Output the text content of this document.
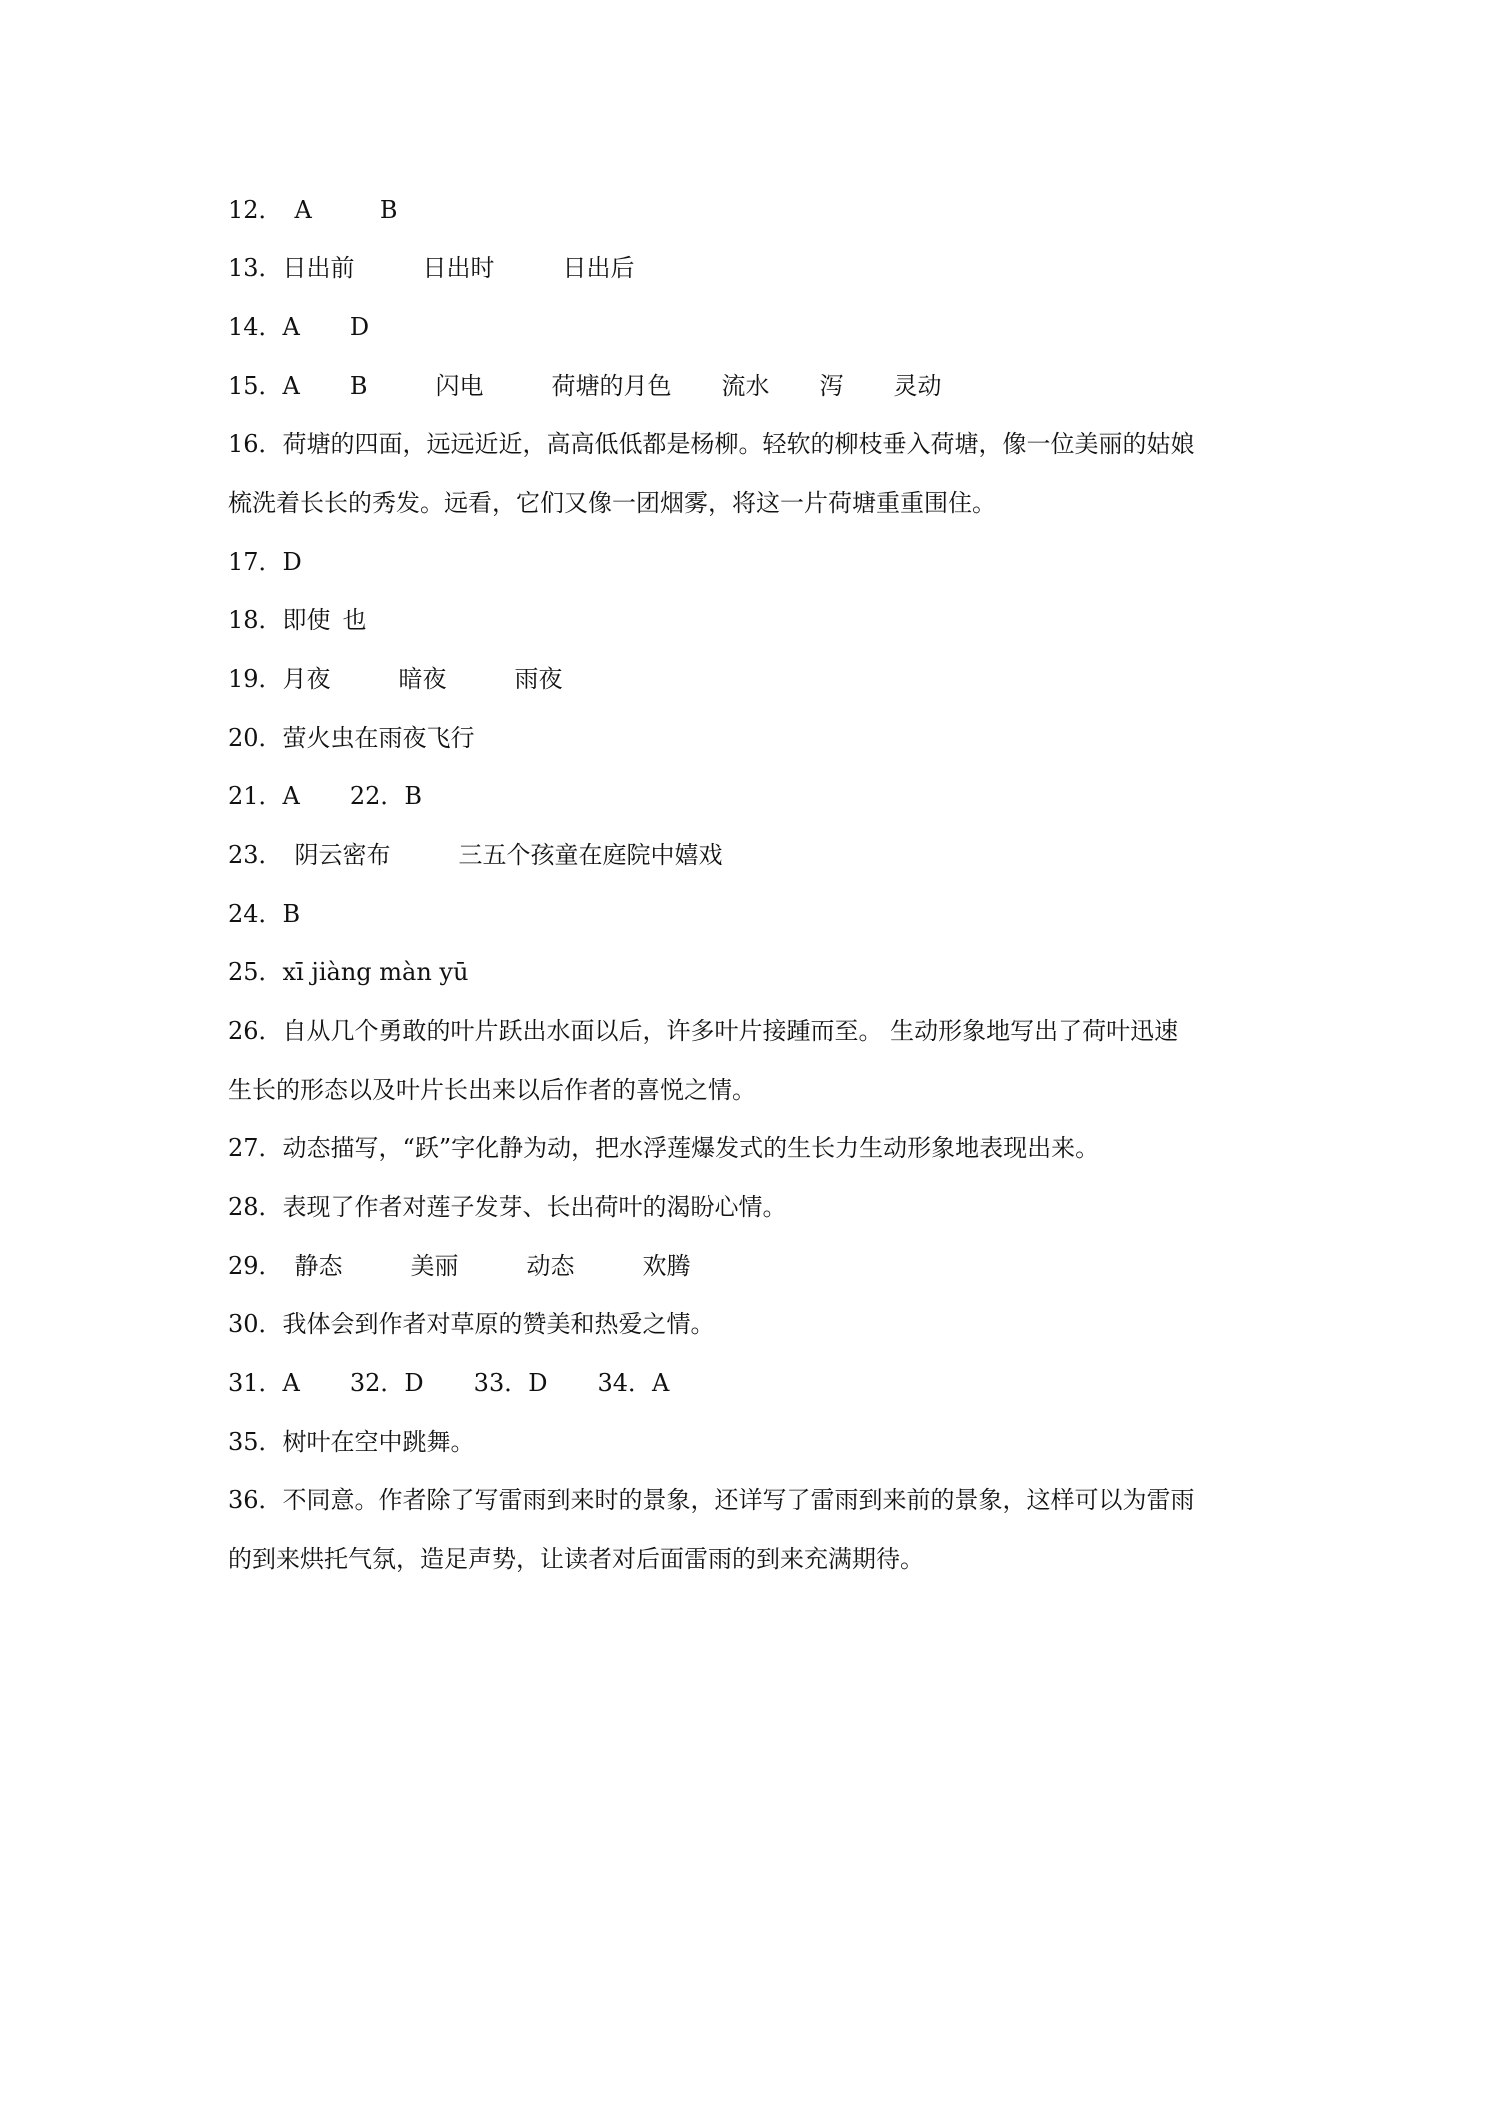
12． A	B
13．日出前	日出时	日出后
14．A D
15．A B	闪电	荷塘的月色 流水 泻 灵动
16．荷塘的四面，远远近近，高高低低都是杨柳。轻软的柳枝垂入荷塘，像一位美丽的姑娘
梳洗着长长的秀发。远看，它们又像一团烟雾，将这一片荷塘重重围住。
17．D
18．即使 也
19．月夜	暗夜	雨夜
20．萤火虫在雨夜飞行
21．A 22．B
23． 阴云密布	三五个孩童在庭院中嬉戏
24．B
25．xī jiàng màn yū
26．自从几个勇敢的叶片跃出水面以后，许多叶片接踵而至。 生动形象地写出了荷叶迅速
生长的形态以及叶片长出来以后作者的喜悦之情。
27．动态描写，“跃”字化静为动，把水浮莲爆发式的生长力生动形象地表现出来。
28．表现了作者对莲子发芽、长出荷叶的渴盼心情。
29． 静态	美丽	动态	欢腾
30．我体会到作者对草原的赞美和热爱之情。
31．A 32．D 33．D 34．A
35．树叶在空中跳舞。
36．不同意。作者除了写雷雨到来时的景象，还详写了雷雨到来前的景象，这样可以为雷雨
的到来烘托气氛，造足声势，让读者对后面雷雨的到来充满期待。
